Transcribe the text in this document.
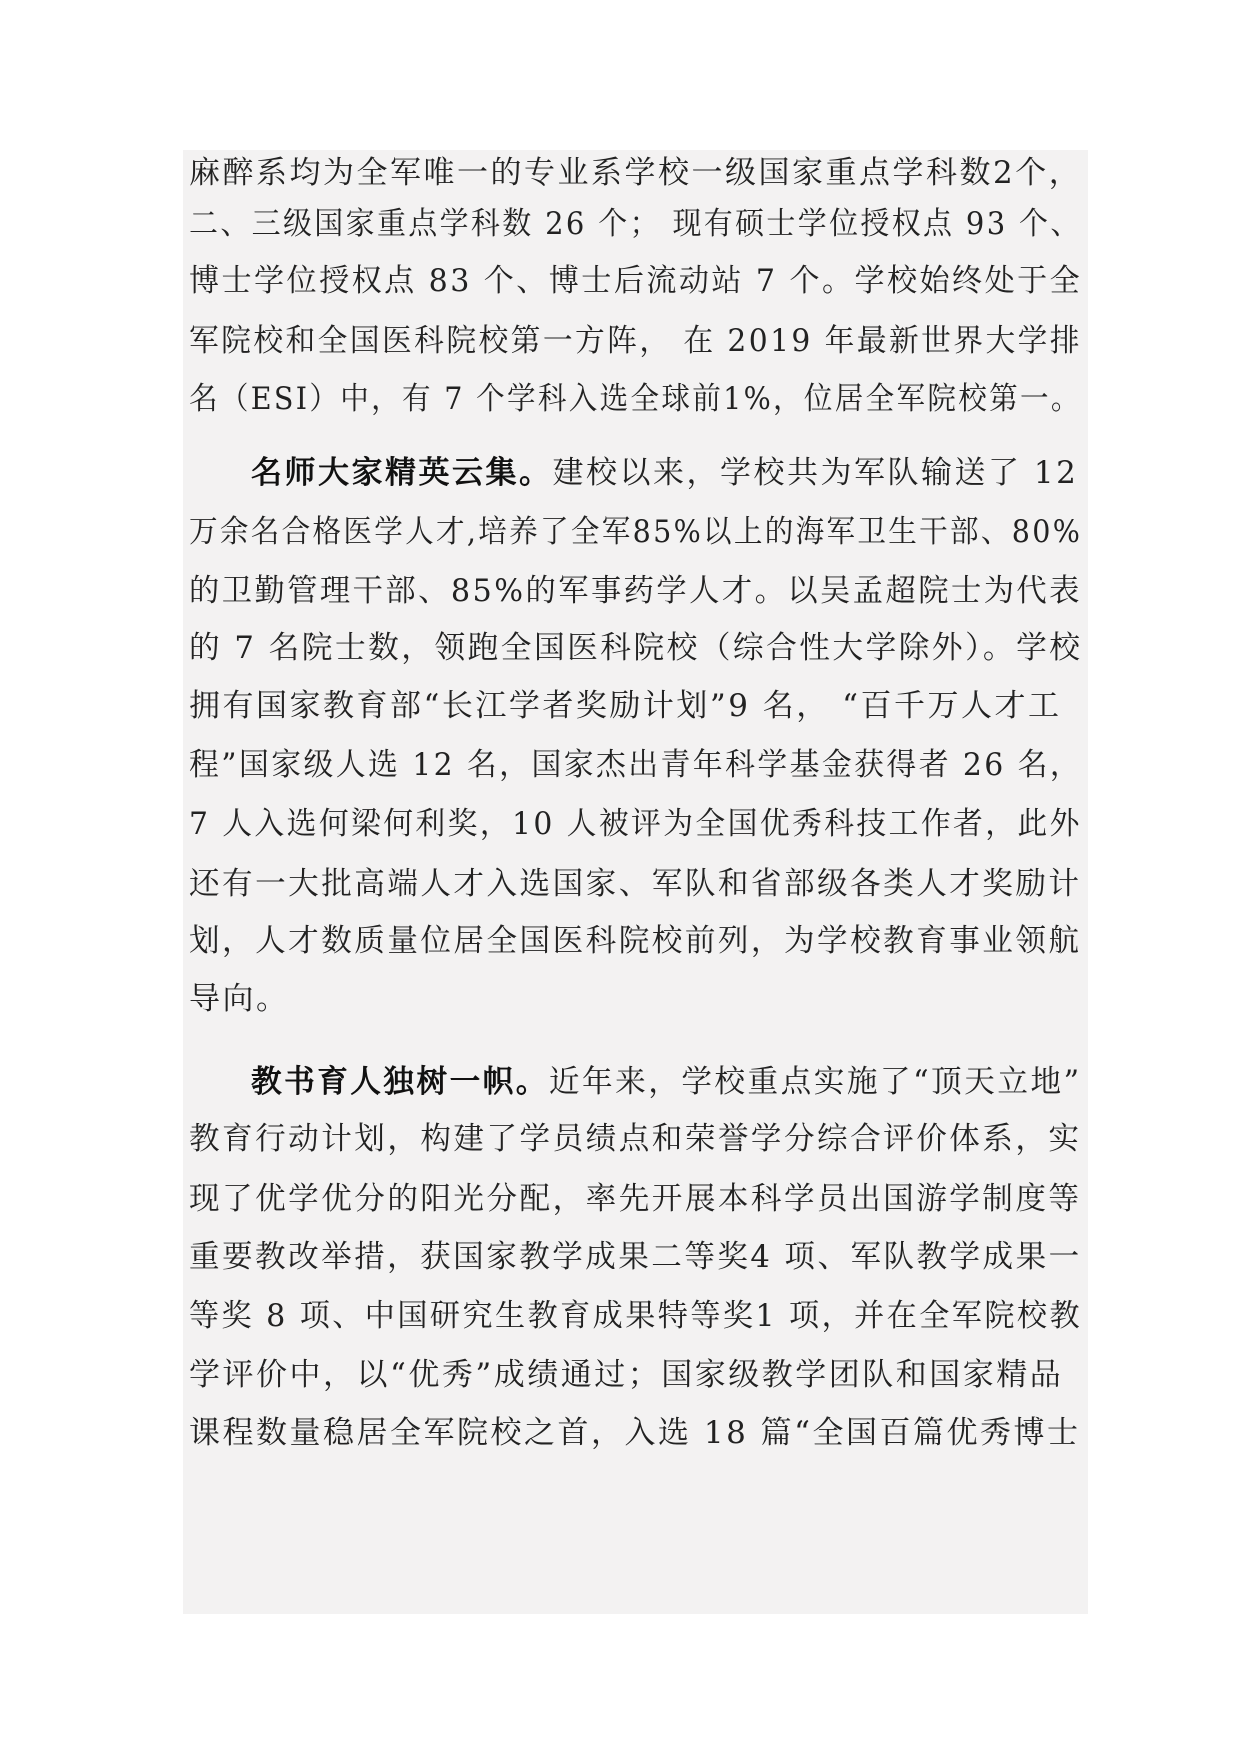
麻醉系均为全军唯一的专业系学校一级国家重点学科数2个，
二、三级国家重点学科数 26 个； 现有硕士学位授权点 93 个、
博士学位授权点 83 个、博士后流动站 7 个。学校始终处于全
军院校和全国医科院校第一方阵， 在 2019 年最新世界大学排
名（ESI）中，有 7 个学科入选全球前1%，位居全军院校第一。
名师大家精英云集。建校以来，学校共为军队输送了 12
万余名合格医学人才,培养了全军85%以上的海军卫生干部、80%
的卫勤管理干部、85%的军事药学人才。以吴孟超院士为代表
的 7 名院士数，领跑全国医科院校（综合性大学除外）。学校
拥有国家教育部“长江学者奖励计划”9 名， “百千万人才工
程”国家级人选 12 名，国家杰出青年科学基金获得者 26 名，
7 人入选何梁何利奖，10 人被评为全国优秀科技工作者，此外
还有一大批高端人才入选国家、军队和省部级各类人才奖励计
划，人才数质量位居全国医科院校前列，为学校教育事业领航
导向。
教书育人独树一帜。近年来，学校重点实施了“顶天立地”
教育行动计划，构建了学员绩点和荣誉学分综合评价体系，实
现了优学优分的阳光分配，率先开展本科学员出国游学制度等
重要教改举措，获国家教学成果二等奖4 项、军队教学成果一
等奖 8 项、中国研究生教育成果特等奖1 项，并在全军院校教
学评价中，以“优秀”成绩通过；国家级教学团队和国家精品
课程数量稳居全军院校之首，入选 18 篇“全国百篇优秀博士
